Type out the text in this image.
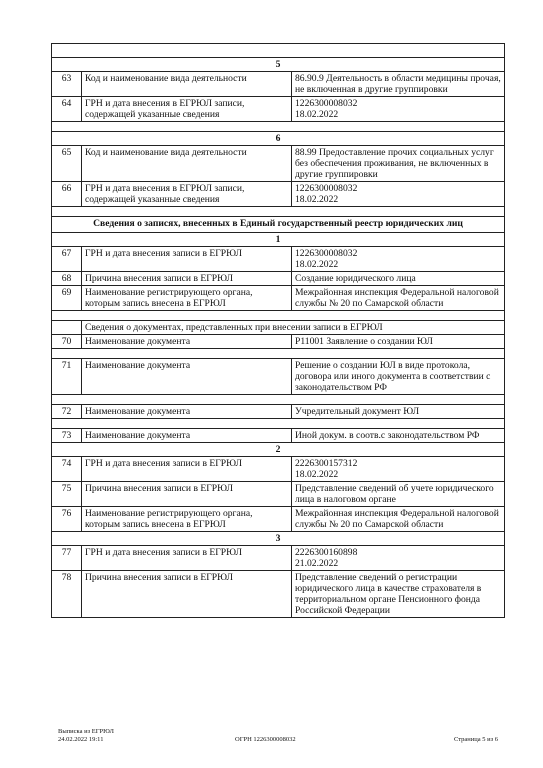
5		
63	Код и наименование вида деятельности	86.90.9 Деятельность в области медицины прочая, не включенная в другие группировки
64	ГРН и дата внесения в ЕГРЮЛ записи, содержащей указанные сведения	1226300008032
18.02.2022

6		
65	Код и наименование вида деятельности	88.99 Предоставление прочих социальных услуг без обеспечения проживания, не включенных в другие группировки
66	ГРН и дата внесения в ЕГРЮЛ записи, содержащей указанные сведения	1226300008032
18.02.2022

Сведения о записях, внесенных в Единый государственный реестр юридических лиц		
1		
67	ГРН и дата внесения записи в ЕГРЮЛ	1226300008032
18.02.2022
68	Причина внесения записи в ЕГРЮЛ	Создание юридического лица
69	Наименование регистрирующего органа, которым запись внесена в ЕГРЮЛ	Межрайонная инспекция Федеральной налоговой службы № 20 по Самарской области

	Сведения о документах, представленных при внесении записи в ЕГРЮЛ	
70	Наименование документа	Р11001 Заявление о создании ЮЛ

71	Наименование документа	Решение о создании ЮЛ в виде протокола, договора или иного документа в соответствии с законодательством РФ

72	Наименование документа	Учредительный документ ЮЛ

73	Наименование документа	Иной докум. в соотв.с законодательством РФ
2		
74	ГРН и дата внесения записи в ЕГРЮЛ	2226300157312
18.02.2022
75	Причина внесения записи в ЕГРЮЛ	Представление сведений об учете юридического лица в налоговом органе
76	Наименование регистрирующего органа, которым запись внесена в ЕГРЮЛ	Межрайонная инспекция Федеральной налоговой службы № 20 по Самарской области
3		
77	ГРН и дата внесения записи в ЕГРЮЛ	2226300160898
21.02.2022
78	Причина внесения записи в ЕГРЮЛ	Представление сведений о регистрации юридического лица в качестве страхователя в территориальном органе Пенсионного фонда Российской Федерации
Выписка из ЕГРЮЛ
24.02.2022 19:11	ОГРН 1226300008032	Страница 5 из 6
